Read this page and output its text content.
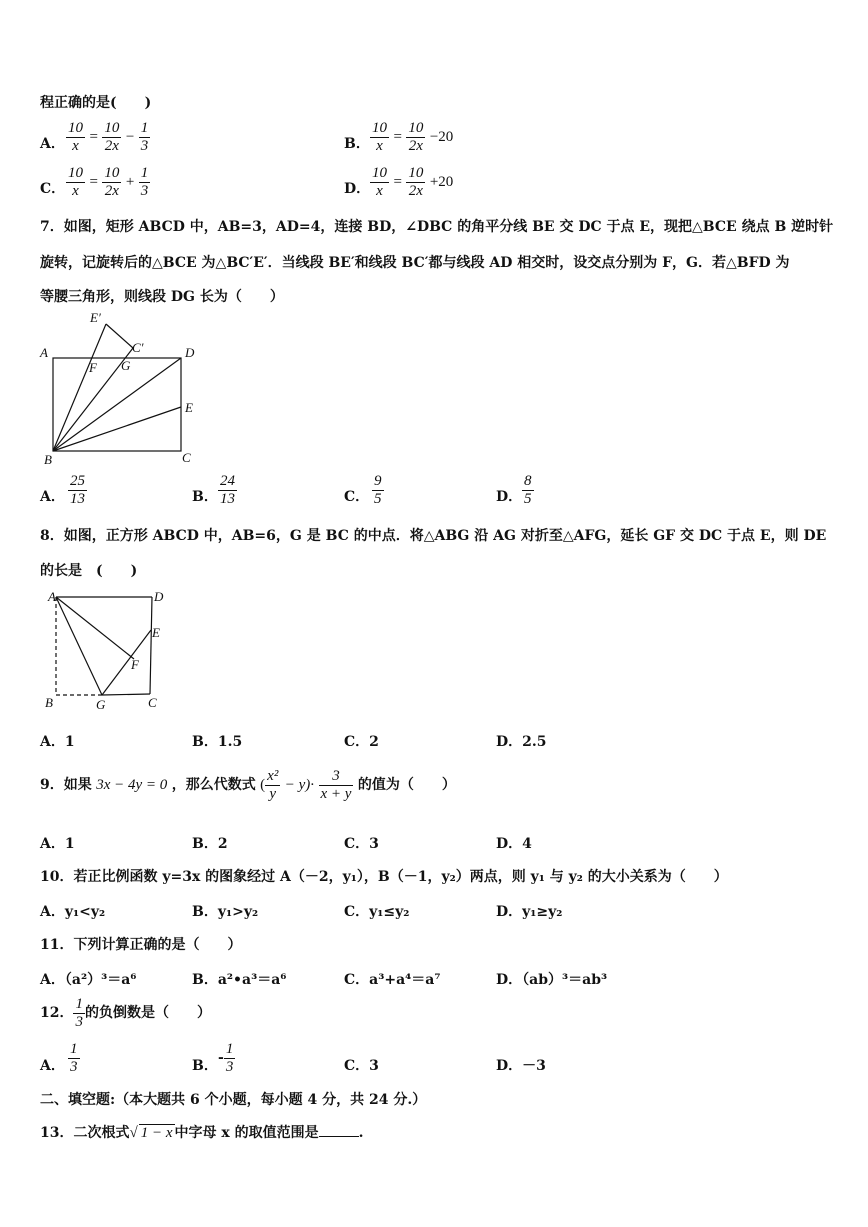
程正确的是(　　)
A． $\frac{10}{x} = \frac{10}{2x} - \frac{1}{3}$	B． $\frac{10}{x} = \frac{10}{2x} -20$
C． $\frac{10}{x} = \frac{10}{2x} + \frac{1}{3}$	D． $\frac{10}{x} = \frac{10}{2x} +20$
7．如图，矩形 ABCD 中，AB=3，AD=4，连接 BD，∠DBC 的角平分线 BE 交 DC 于点 E，现把△BCE 绕点 B 逆时针
旋转，记旋转后的△BCE 为△BC′E′．当线段 BE′和线段 BC′都与线段 AD 相交时，设交点分别为 F，G．若△BFD 为
等腰三角形，则线段 DG 长为（　　）
A
B	C
D
E
E′
C′
F G
A． $\frac{25}{13}$	B． $\frac{24}{13}$	C． $\frac{9}{5}$	D． $\frac{8}{5}$
8．如图，正方形 ABCD 中，AB=6，G 是 BC 的中点．将△ABG 沿 AG 对折至△AFG，延长 GF 交 DC 于点 E，则 DE
的长是　(　　)
A	D
E
F
B	G	C
A．1	B．1.5	C．2	D．2.5
9．如果 3x − 4y = 0 ，那么代数式 ( $\frac{\text{x²}}{y} - y)\cdot \frac{3}{x + y}$ 的值为（　　）
A．1	B．2	C．3	D．4
10．若正比例函数 y=3x 的图象经过 A（－2，y₁），B（－1，y₂）两点，则 y₁ 与 y₂ 的大小关系为（　　）
A．y₁<y₂	B．y₁>y₂	C．y₁≤y₂	D．y₁≥y₂
11．下列计算正确的是（　　）
A．（a²）³＝a⁶	B．a²•a³＝a⁶	C．a³+a⁴＝a⁷	D．（ab）³＝ab³
12． $\frac{1}{3}$ 的负倒数是（　　）
A． $\frac{1}{3}$	B． - $\frac{1}{3}$	C．3	D．－3
二、填空题:（本大题共 6 个小题，每小题 4 分，共 24 分.）
13．二次根式√ 1 − x 中字母 x 的取值范围是	.
